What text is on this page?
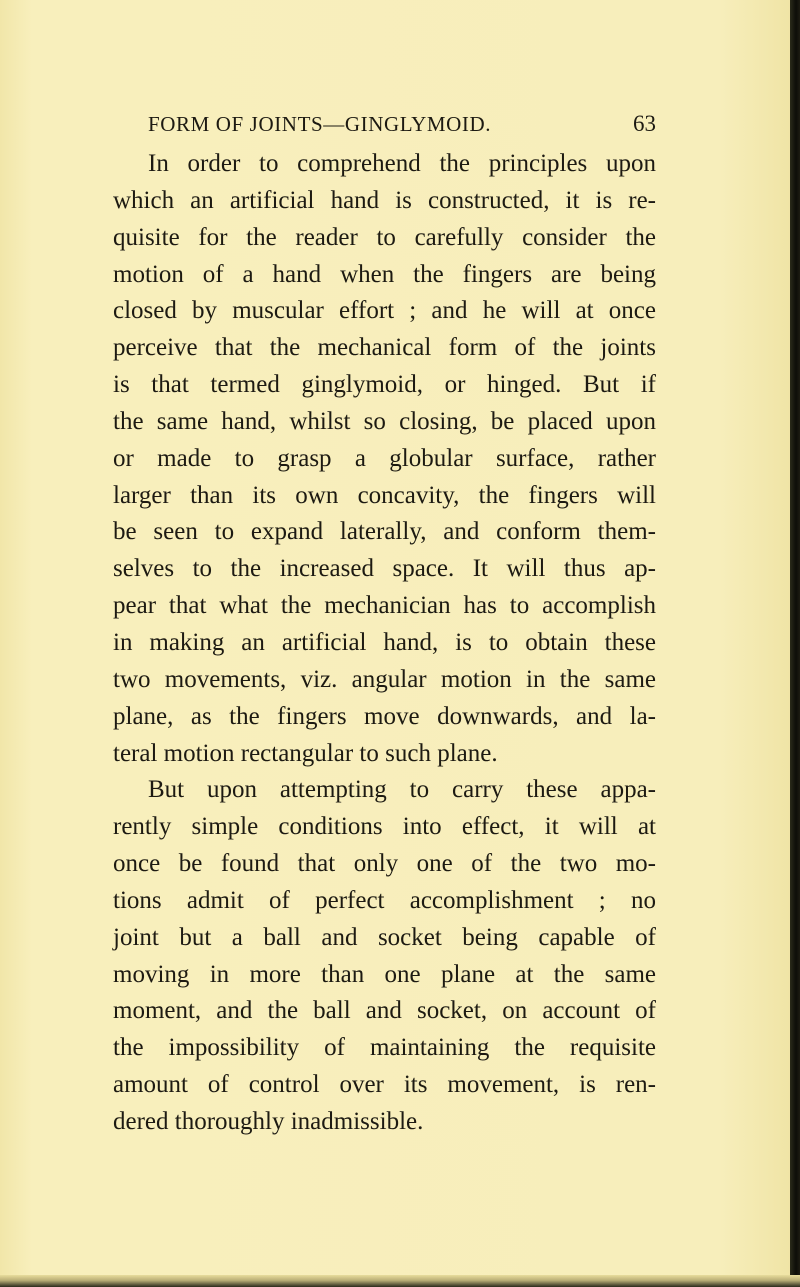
FORM OF JOINTS—GINGLYMOID.	63
In order to comprehend the principles upon
which an artificial hand is constructed, it is re-
quisite for the reader to carefully consider the
motion of a hand when the fingers are being
closed by muscular effort ; and he will at once
perceive that the mechanical form of the joints
is that termed ginglymoid, or hinged. But if
the same hand, whilst so closing, be placed upon
or made to grasp a globular surface, rather
larger than its own concavity, the fingers will
be seen to expand laterally, and conform them-
selves to the increased space. It will thus ap-
pear that what the mechanician has to accomplish
in making an artificial hand, is to obtain these
two movements, viz. angular motion in the same
plane, as the fingers move downwards, and la-
teral motion rectangular to such plane.
But upon attempting to carry these appa-
rently simple conditions into effect, it will at
once be found that only one of the two mo-
tions admit of perfect accomplishment ; no
joint but a ball and socket being capable of
moving in more than one plane at the same
moment, and the ball and socket, on account of
the impossibility of maintaining the requisite
amount of control over its movement, is ren-
dered thoroughly inadmissible.
